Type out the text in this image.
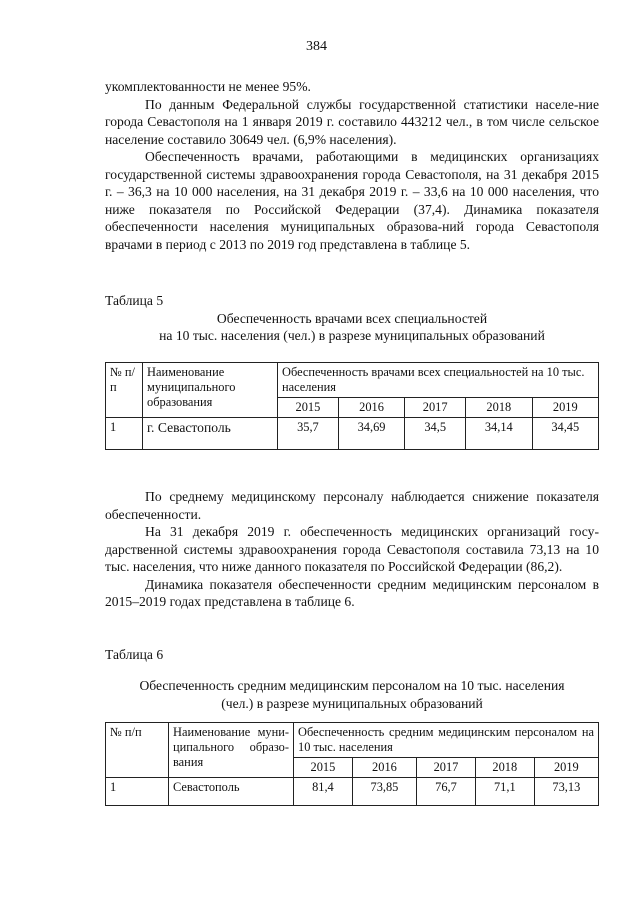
384

укомплектованности не менее 95%.

По данным Федеральной службы государственной статистики населе-ние города Севастополя на 1 января 2019 г. составило 443212 чел., в том числе сельское население составило 30649 чел. (6,9% населения).

Обеспеченность врачами, работающими в медицинских организациях государственной системы здравоохранения города Севастополя, на 31 декабря 2015 г. – 36,3 на 10 000 населения, на 31 декабря 2019 г. – 33,6 на 10 000 населения, что ниже показателя по Российской Федерации (37,4). Динамика показателя обеспеченности населения муниципальных образова-ний города Севастополя врачами в период с 2013 по 2019 год представлена в таблице 5.

Таблица 5

Обеспеченность врачами всех специальностей

на 10 тыс. населения (чел.) в разрезе муниципальных образований

№ п/п	Наименование муниципального образования	Обеспеченность врачами всех специальностей на 10 тыс. населения				
		2015	2016	2017	2018	2019
1	г. Севастополь	35,7	34,69	34,5	34,14	34,45

По среднему медицинскому персоналу наблюдается снижение показателя обеспеченности.

На 31 декабря 2019 г. обеспеченность медицинских организаций госу-дарственной системы здравоохранения города Севастополя составила 73,13 на 10 тыс. населения, что ниже данного показателя по Российской Федерации (86,2).

Динамика показателя обеспеченности средним медицинским персоналом в 2015–2019 годах представлена в таблице 6.

Таблица 6

Обеспеченность средним медицинским персоналом на 10 тыс. населения

(чел.) в разрезе муниципальных образований

№ п/п	Наименование муни-ципального образо-вания	Обеспеченность средним медицинским персоналом на 10 тыс. населения				
		2015	2016	2017	2018	2019
1	Севастополь	81,4	73,85	76,7	71,1	73,13
